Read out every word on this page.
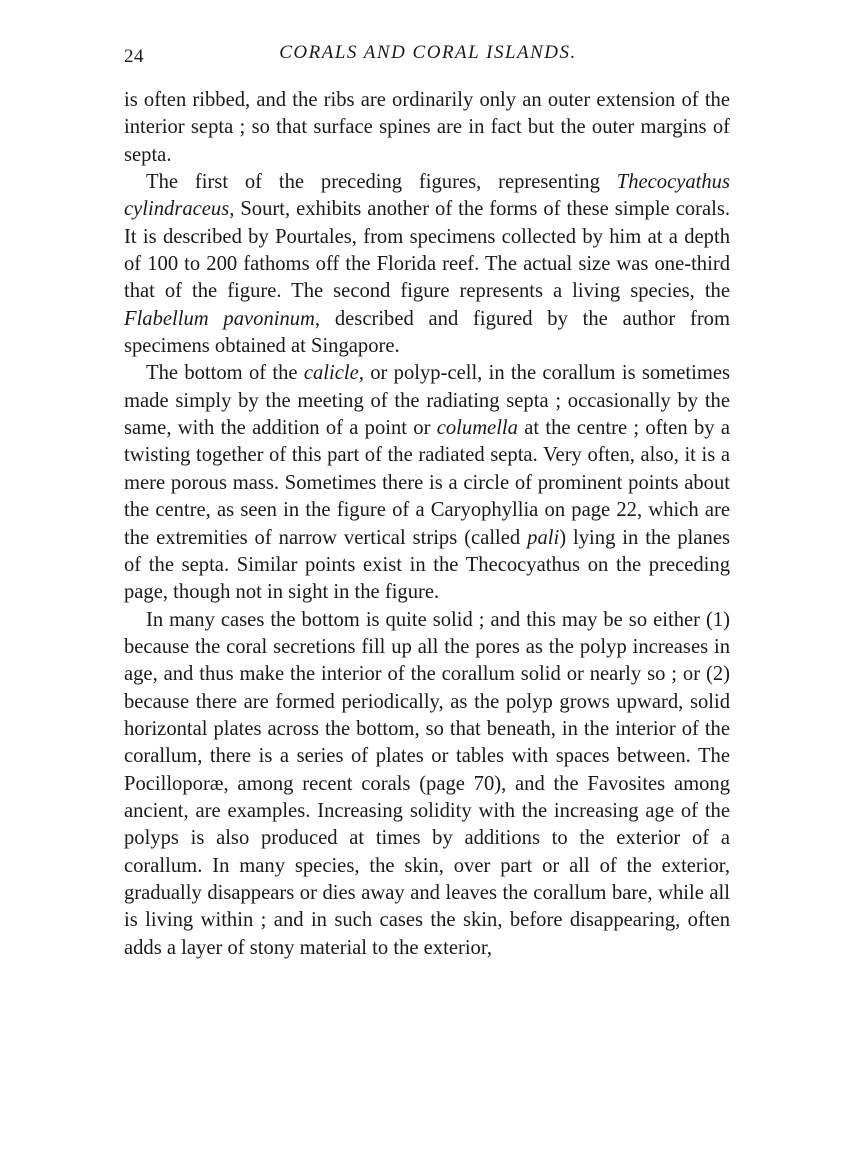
24	CORALS AND CORAL ISLANDS.

is often ribbed, and the ribs are ordinarily only an outer extension of the interior septa ; so that surface spines are in fact but the outer margins of septa.

The first of the preceding figures, representing Thecocyathus cylindraceus, Sourt, exhibits another of the forms of these simple corals. It is described by Pourtales, from specimens collected by him at a depth of 100 to 200 fathoms off the Florida reef. The actual size was one-third that of the figure. The second figure represents a living species, the Flabellum pavoninum, described and figured by the author from specimens obtained at Singapore.

The bottom of the calicle, or polyp-cell, in the corallum is sometimes made simply by the meeting of the radiating septa ; occasionally by the same, with the addition of a point or columella at the centre ; often by a twisting together of this part of the radiated septa. Very often, also, it is a mere porous mass. Sometimes there is a circle of prominent points about the centre, as seen in the figure of a Caryophyllia on page 22, which are the extremities of narrow vertical strips (called pali) lying in the planes of the septa. Similar points exist in the Thecocyathus on the preceding page, though not in sight in the figure.

In many cases the bottom is quite solid ; and this may be so either (1) because the coral secretions fill up all the pores as the polyp increases in age, and thus make the interior of the corallum solid or nearly so ; or (2) because there are formed periodically, as the polyp grows upward, solid horizontal plates across the bottom, so that beneath, in the interior of the corallum, there is a series of plates or tables with spaces between. The Pocilloporæ, among recent corals (page 70), and the Favosites among ancient, are examples. Increasing solidity with the increasing age of the polyps is also produced at times by additions to the exterior of a corallum. In many species, the skin, over part or all of the exterior, gradually disappears or dies away and leaves the corallum bare, while all is living within ; and in such cases the skin, before disappearing, often adds a layer of stony material to the exterior,
